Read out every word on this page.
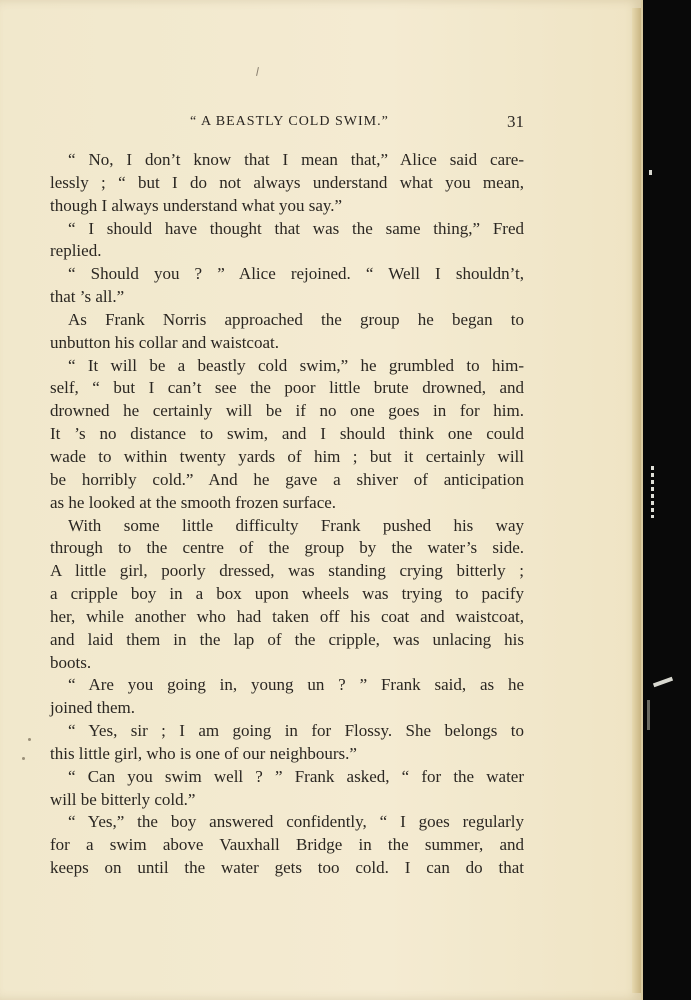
“ A BEASTLY COLD SWIM.”	31
“ No, I don’t know that I mean that,” Alice said care-
lessly ; “ but I do not always understand what you mean,
though I always understand what you say.”
“ I should have thought that was the same thing,” Fred
replied.
“ Should you ? ” Alice rejoined. “ Well I shouldn’t,
that ’s all.”
As Frank Norris approached the group he began to
unbutton his collar and waistcoat.
“ It will be a beastly cold swim,” he grumbled to him-
self, “ but I can’t see the poor little brute drowned, and
drowned he certainly will be if no one goes in for him.
It ’s no distance to swim, and I should think one could
wade to within twenty yards of him ; but it certainly will
be horribly cold.” And he gave a shiver of anticipation
as he looked at the smooth frozen surface.
With some little difficulty Frank pushed his way
through to the centre of the group by the water’s side.
A little girl, poorly dressed, was standing crying bitterly ;
a cripple boy in a box upon wheels was trying to pacify
her, while another who had taken off his coat and waistcoat,
and laid them in the lap of the cripple, was unlacing his
boots.
“ Are you going in, young un ? ” Frank said, as he
joined them.
“ Yes, sir ; I am going in for Flossy. She belongs to
this little girl, who is one of our neighbours.”
“ Can you swim well ? ” Frank asked, “ for the water
will be bitterly cold.”
“ Yes,” the boy answered confidently, “ I goes regularly
for a swim above Vauxhall Bridge in the summer, and
keeps on until the water gets too cold. I can do that
